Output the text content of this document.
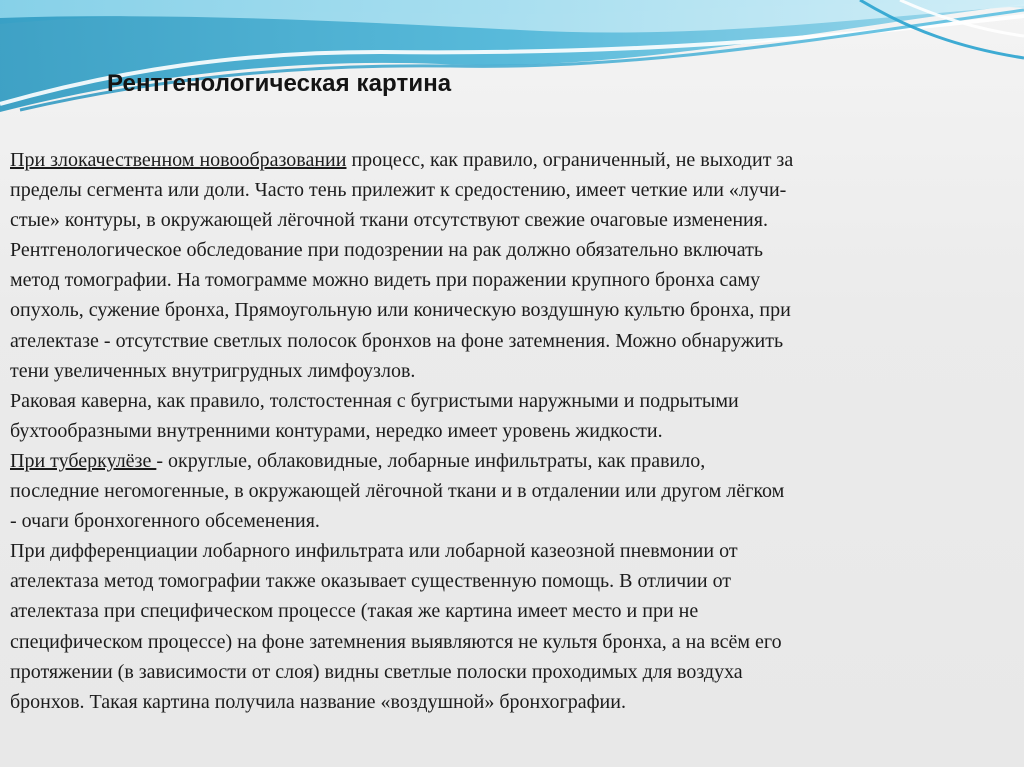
Рентгенологическая картина
При злокачественном новообразовании процесс, как правило, ограниченный, не выходит за
пределы сегмента или доли. Часто тень прилежит к средостению, имеет четкие или «лучи-
стые» контуры, в окружающей лёгочной ткани отсутствуют свежие очаговые изменения.
Рентгенологическое обследование при подозрении на рак должно обязательно включать
метод томографии. На томограмме можно видеть при поражении крупного бронха саму
опухоль, сужение бронха, Прямоугольную или коническую воздушную культю бронха, при
ателектазе - отсутствие светлых полосок бронхов на фоне затемнения. Можно обнаружить
тени увеличенных внутригрудных лимфоузлов.
Раковая каверна, как правило, толстостенная с бугристыми наружными и подрытыми
бухтообразными внутренними контурами, нередко имеет уровень жидкости.
При туберкулёзе - округлые, облаковидные, лобарные инфильтраты, как правило,
последние негомогенные, в окружающей лёгочной ткани и в отдалении или другом лёгком
- очаги бронхогенного обсеменения.
При дифференциации лобарного инфильтрата или лобарной казеозной пневмонии от
ателектаза метод томографии также оказывает существенную помощь. В отличии от
ателектаза при специфическом процессе (такая же картина имеет место и при не
специфическом процессе) на фоне затемнения выявляются не культя бронха, а на всём его
протяжении (в зависимости от слоя) видны светлые полоски проходимых для воздуха
бронхов. Такая картина получила название «воздушной» бронхографии.
